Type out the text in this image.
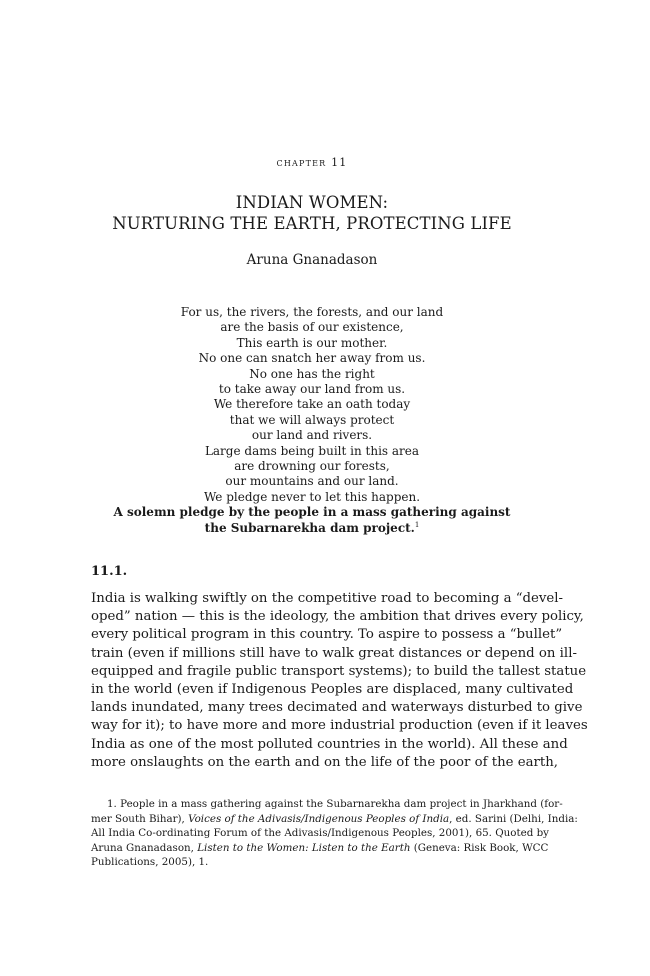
chapter 11
INDIAN WOMEN:
NURTURING THE EARTH, PROTECTING LIFE
Aruna Gnanadason
For us, the rivers, the forests, and our land
are the basis of our existence,
This earth is our mother.
No one can snatch her away from us.
No one has the right
to take away our land from us.
We therefore take an oath today
that we will always protect
our land and rivers.
Large dams being built in this area
are drowning our forests,
our mountains and our land.
We pledge never to let this happen.
A solemn pledge by the people in a mass gathering against
the Subarnarekha dam project.$^1$
11.1.
India is walking swiftly on the competitive road to becoming a “devel-
oped” nation — this is the ideology, the ambition that drives every policy,
every political program in this country. To aspire to possess a “bullet”
train (even if millions still have to walk great distances or depend on ill-
equipped and fragile public transport systems); to build the tallest statue
in the world (even if Indigenous Peoples are displaced, many cultivated
lands inundated, many trees decimated and waterways disturbed to give
way for it); to have more and more industrial production (even if it leaves
India as one of the most polluted countries in the world). All these and
more onslaughts on the earth and on the life of the poor of the earth,
1. People in a mass gathering against the Subarnarekha dam project in Jharkhand (for-
mer South Bihar), Voices of the Adivasis/Indigenous Peoples of India, ed. Sarini (Delhi, India:
All India Co-ordinating Forum of the Adivasis/Indigenous Peoples, 2001), 65. Quoted by
Aruna Gnanadason, Listen to the Women: Listen to the Earth (Geneva: Risk Book, WCC
Publications, 2005), 1.
